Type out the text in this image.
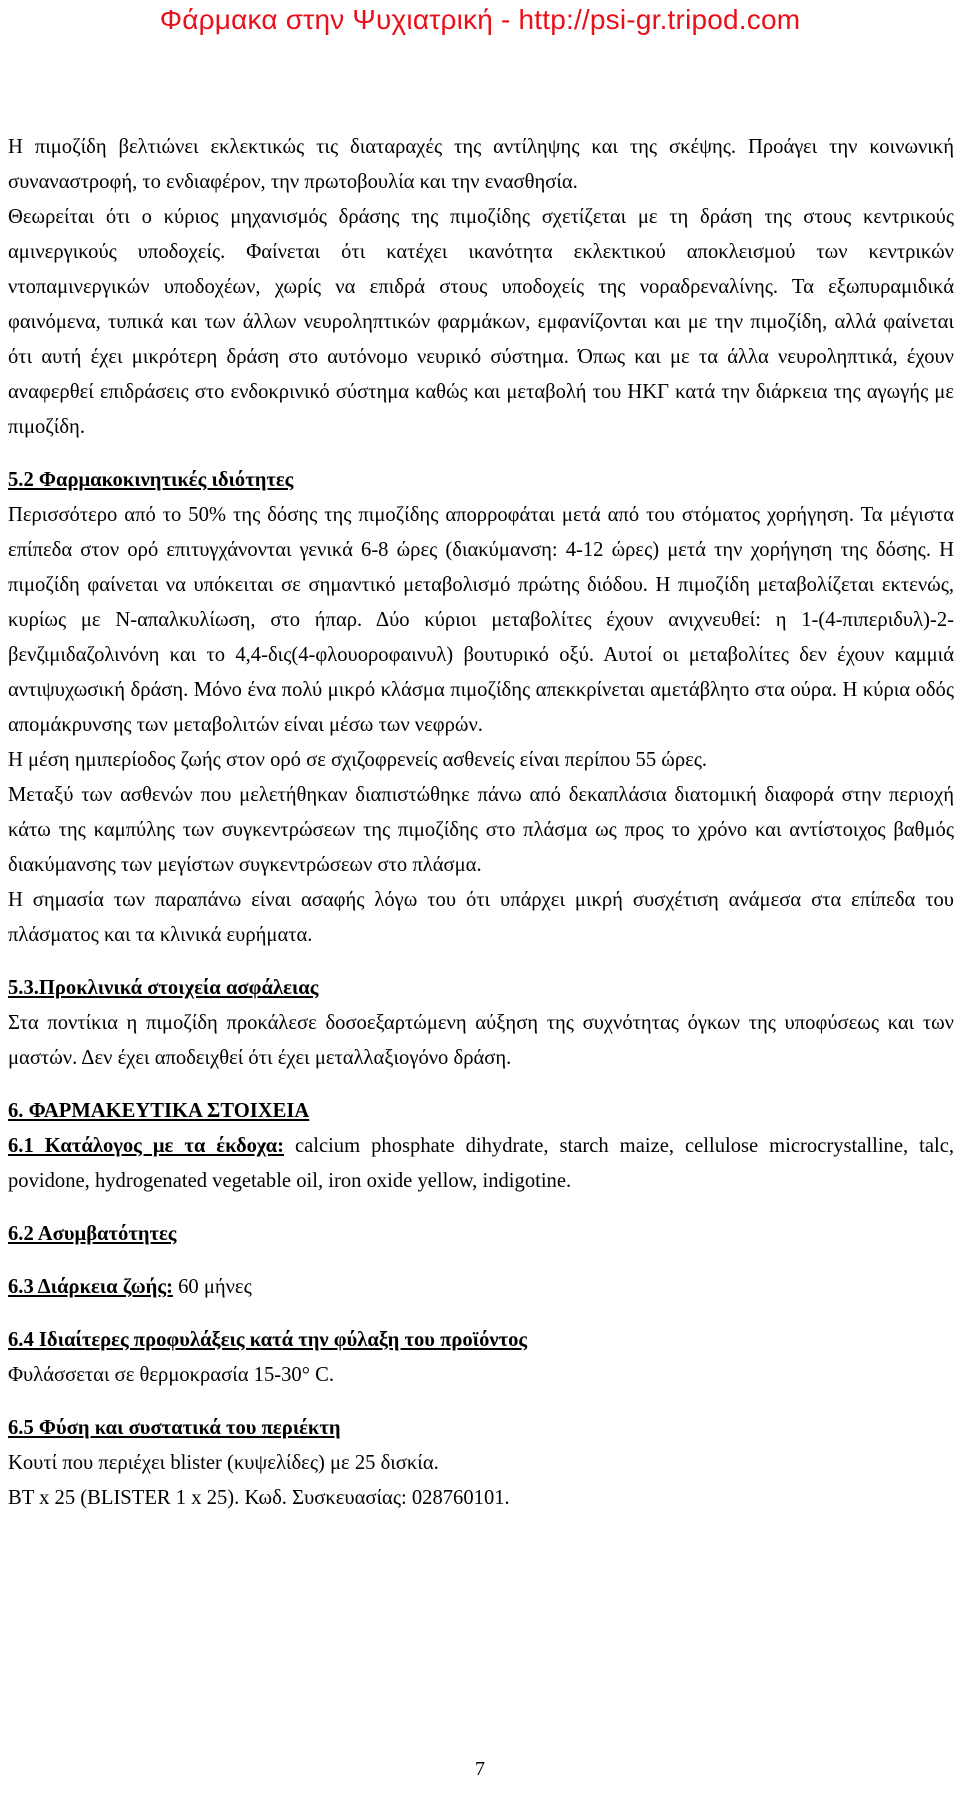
Φάρμακα στην Ψυχιατρική - http://psi-gr.tripod.com

Η πιμοζίδη βελτιώνει εκλεκτικώς τις διαταραχές της αντίληψης και της σκέψης. Προάγει την κοινωνική συναναστροφή, το ενδιαφέρον, την πρωτοβουλία και την ενασθησία.

Θεωρείται ότι ο κύριος μηχανισμός δράσης της πιμοζίδης σχετίζεται με τη δράση της στους κεντρικούς αμινεργικούς υποδοχείς. Φαίνεται ότι κατέχει ικανότητα εκλεκτικού αποκλεισμού των κεντρικών ντοπαμινεργικών υποδοχέων, χωρίς να επιδρά στους υποδοχείς της νοραδρεναλίνης. Τα εξωπυραμιδικά φαινόμενα, τυπικά και των άλλων νευροληπτικών φαρμάκων, εμφανίζονται και με την πιμοζίδη, αλλά φαίνεται ότι αυτή έχει μικρότερη δράση στο αυτόνομο νευρικό σύστημα. Όπως και με τα άλλα νευροληπτικά, έχουν αναφερθεί επιδράσεις στο ενδοκρινικό σύστημα καθώς και μεταβολή του ΗΚΓ κατά την διάρκεια της αγωγής με πιμοζίδη.

5.2 Φαρμακοκινητικές ιδιότητες

Περισσότερο από το 50% της δόσης της πιμοζίδης απορροφάται μετά από του στόματος χορήγηση. Τα μέγιστα επίπεδα στον ορό επιτυγχάνονται γενικά 6-8 ώρες (διακύμανση: 4-12 ώρες) μετά την χορήγηση της δόσης. Η πιμοζίδη φαίνεται να υπόκειται σε σημαντικό μεταβολισμό πρώτης διόδου. Η πιμοζίδη μεταβολίζεται εκτενώς, κυρίως με Ν-απαλκυλίωση, στο ήπαρ. Δύο κύριοι μεταβολίτες έχουν ανιχνευθεί: η 1-(4-πιπεριδυλ)-2-βενζιμιδαζολινόνη και το 4,4-δις(4-φλουοροφαινυλ) βουτυρικό οξύ. Αυτοί οι μεταβολίτες δεν έχουν καμμιά αντιψυχωσική δράση. Μόνο ένα πολύ μικρό κλάσμα πιμοζίδης απεκκρίνεται αμετάβλητο στα ούρα. Η κύρια οδός απομάκρυνσης των μεταβολιτών είναι μέσω των νεφρών.

Η μέση ημιπερίοδος ζωής στον ορό σε σχιζοφρενείς ασθενείς είναι περίπου 55 ώρες.

Μεταξύ των ασθενών που μελετήθηκαν διαπιστώθηκε πάνω από δεκαπλάσια διατομική διαφορά στην περιοχή κάτω της καμπύλης των συγκεντρώσεων της πιμοζίδης στο πλάσμα ως προς το χρόνο και αντίστοιχος βαθμός διακύμανσης των μεγίστων συγκεντρώσεων στο πλάσμα.

Η σημασία των παραπάνω είναι ασαφής λόγω του ότι υπάρχει μικρή συσχέτιση ανάμεσα στα επίπεδα του πλάσματος και τα κλινικά ευρήματα.

5.3.Προκλινικά στοιχεία ασφάλειας

Στα ποντίκια η πιμοζίδη προκάλεσε δοσοεξαρτώμενη αύξηση της συχνότητας όγκων της υποφύσεως και των μαστών. Δεν έχει αποδειχθεί ότι έχει μεταλλαξιογόνο δράση.

6. ΦΑΡΜΑΚΕΥΤΙΚΑ ΣΤΟΙΧΕΙΑ

6.1 Κατάλογος με τα έκδοχα: calcium phosphate dihydrate, starch maize, cellulose microcrystalline, talc, povidone, hydrogenated vegetable oil, iron oxide yellow, indigotine.

6.2 Ασυμβατότητες

6.3 Διάρκεια ζωής: 60 μήνες

6.4 Ιδιαίτερες προφυλάξεις κατά την φύλαξη του προϊόντος

Φυλάσσεται σε θερμοκρασία 15-30° C.

6.5 Φύση και συστατικά του περιέκτη

Κουτί που περιέχει blister (κυψελίδες) με 25 δισκία.

ΒΤ x 25 (BLISTER 1 x 25). Κωδ. Συσκευασίας: 028760101.

7
